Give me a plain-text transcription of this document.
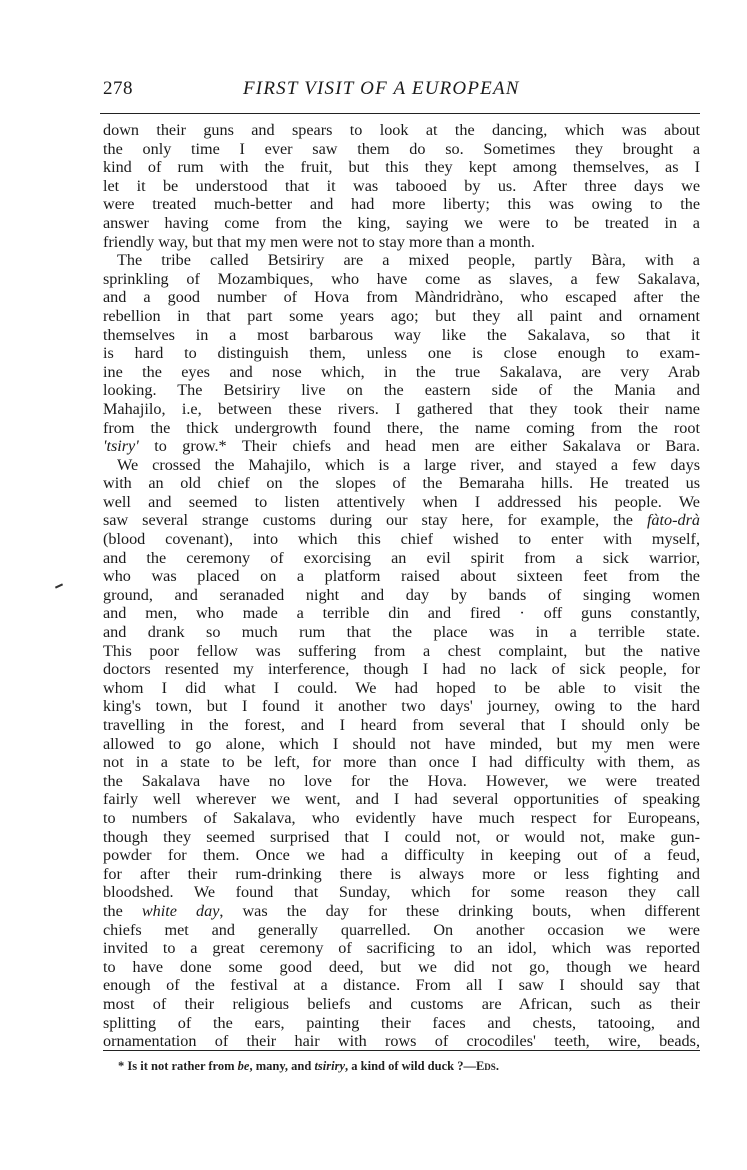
278	FIRST VISIT OF A EUROPEAN
down their guns and spears to look at the dancing, which was about
the only time I ever saw them do so. Sometimes they brought a
kind of rum with the fruit, but this they kept among themselves, as I
let it be understood that it was tabooed by us. After three days we
were treated much-better and had more liberty; this was owing to the
answer having come from the king, saying we were to be treated in a
friendly way, but that my men were not to stay more than a month.
The tribe called Betsiriry are a mixed people, partly Bàra, with a
sprinkling of Mozambiques, who have come as slaves, a few Sakalava,
and a good number of Hova from Màndridràno, who escaped after the
rebellion in that part some years ago; but they all paint and ornament
themselves in a most barbarous way like the Sakalava, so that it
is hard to distinguish them, unless one is close enough to exam-
ine the eyes and nose which, in the true Sakalava, are very Arab
looking. The Betsiriry live on the eastern side of the Mania and
Mahajilo, i.e, between these rivers. I gathered that they took their name
from the thick undergrowth found there, the name coming from the root
'tsiry' to grow.* Their chiefs and head men are either Sakalava or Bara.
We crossed the Mahajilo, which is a large river, and stayed a few days
with an old chief on the slopes of the Bemaraha hills. He treated us
well and seemed to listen attentively when I addressed his people. We
saw several strange customs during our stay here, for example, the fàto-drà
(blood covenant), into which this chief wished to enter with myself,
and the ceremony of exorcising an evil spirit from a sick warrior,
who was placed on a platform raised about sixteen feet from the
ground, and seranaded night and day by bands of singing women
and men, who made a terrible din and fired · off guns constantly,
and drank so much rum that the place was in a terrible state.
This poor fellow was suffering from a chest complaint, but the native
doctors resented my interference, though I had no lack of sick people, for
whom I did what I could. We had hoped to be able to visit the
king's town, but I found it another two days' journey, owing to the hard
travelling in the forest, and I heard from several that I should only be
allowed to go alone, which I should not have minded, but my men were
not in a state to be left, for more than once I had difficulty with them, as
the Sakalava have no love for the Hova. However, we were treated
fairly well wherever we went, and I had several opportunities of speaking
to numbers of Sakalava, who evidently have much respect for Europeans,
though they seemed surprised that I could not, or would not, make gun-
powder for them. Once we had a difficulty in keeping out of a feud,
for after their rum-drinking there is always more or less fighting and
bloodshed. We found that Sunday, which for some reason they call
the white day, was the day for these drinking bouts, when different
chiefs met and generally quarrelled. On another occasion we were
invited to a great ceremony of sacrificing to an idol, which was reported
to have done some good deed, but we did not go, though we heard
enough of the festival at a distance. From all I saw I should say that
most of their religious beliefs and customs are African, such as their
splitting of the ears, painting their faces and chests, tatooing, and
ornamentation of their hair with rows of crocodiles' teeth, wire, beads,
* Is it not rather from be, many, and tsiriry, a kind of wild duck ?—Eds.
